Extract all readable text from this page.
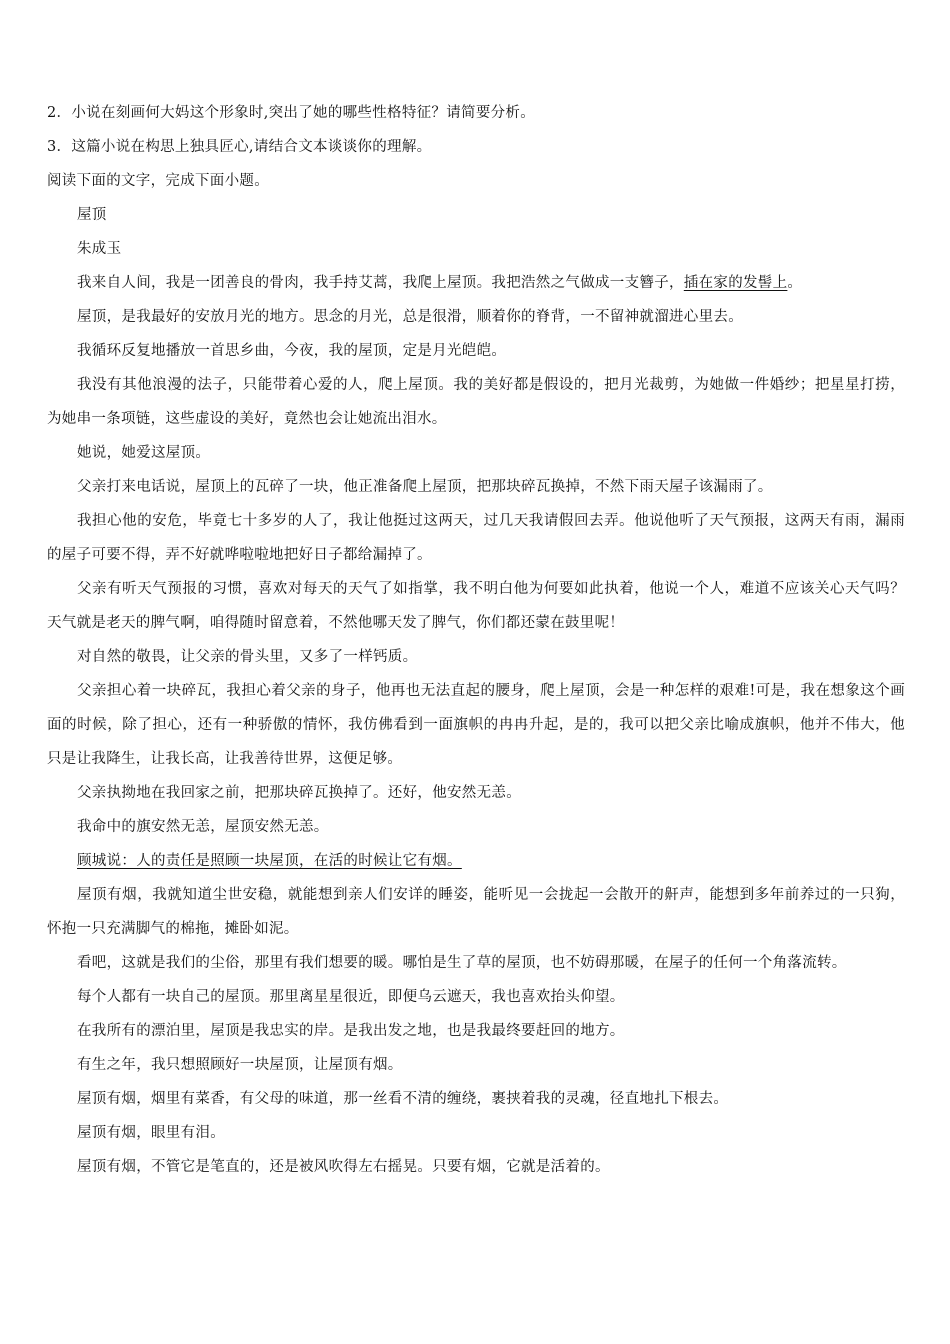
2．小说在刻画何大妈这个形象时,突出了她的哪些性格特征？请简要分析。

3．这篇小说在构思上独具匠心,请结合文本谈谈你的理解。

阅读下面的文字，完成下面小题。

屋顶

朱成玉

我来自人间，我是一团善良的骨肉，我手持艾蒿，我爬上屋顶。我把浩然之气做成一支簪子，插在家的发髻上。

屋顶，是我最好的安放月光的地方。思念的月光，总是很滑，顺着你的脊背，一不留神就溜进心里去。

我循环反复地播放一首思乡曲，今夜，我的屋顶，定是月光皑皑。

我没有其他浪漫的法子，只能带着心爱的人，爬上屋顶。我的美好都是假设的，把月光裁剪，为她做一件婚纱；把星星打捞，为她串一条项链，这些虚设的美好，竟然也会让她流出泪水。

她说，她爱这屋顶。

父亲打来电话说，屋顶上的瓦碎了一块，他正准备爬上屋顶，把那块碎瓦换掉，不然下雨天屋子该漏雨了。

我担心他的安危，毕竟七十多岁的人了，我让他挺过这两天，过几天我请假回去弄。他说他听了天气预报，这两天有雨，漏雨的屋子可要不得，弄不好就哗啦啦地把好日子都给漏掉了。

父亲有听天气预报的习惯，喜欢对每天的天气了如指掌，我不明白他为何要如此执着，他说一个人，难道不应该关心天气吗？天气就是老天的脾气啊，咱得随时留意着，不然他哪天发了脾气，你们都还蒙在鼓里呢！

对自然的敬畏，让父亲的骨头里，又多了一样钙质。

父亲担心着一块碎瓦，我担心着父亲的身子，他再也无法直起的腰身，爬上屋顶，会是一种怎样的艰难!可是，我在想象这个画面的时候，除了担心，还有一种骄傲的情怀，我仿佛看到一面旗帜的冉冉升起，是的，我可以把父亲比喻成旗帜，他并不伟大，他只是让我降生，让我长高，让我善待世界，这便足够。

父亲执拗地在我回家之前，把那块碎瓦换掉了。还好，他安然无恙。

我命中的旗安然无恙，屋顶安然无恙。

顾城说：人的责任是照顾一块屋顶，在活的时候让它有烟。

屋顶有烟，我就知道尘世安稳，就能想到亲人们安详的睡姿，能听见一会拢起一会散开的鼾声，能想到多年前养过的一只狗，怀抱一只充满脚气的棉拖，摊卧如泥。

看吧，这就是我们的尘俗，那里有我们想要的暖。哪怕是生了草的屋顶，也不妨碍那暖，在屋子的任何一个角落流转。

每个人都有一块自己的屋顶。那里离星星很近，即便乌云遮天，我也喜欢抬头仰望。

在我所有的漂泊里，屋顶是我忠实的岸。是我出发之地，也是我最终要赶回的地方。

有生之年，我只想照顾好一块屋顶，让屋顶有烟。

屋顶有烟，烟里有菜香，有父母的味道，那一丝看不清的缠绕，裹挟着我的灵魂，径直地扎下根去。

屋顶有烟，眼里有泪。

屋顶有烟，不管它是笔直的，还是被风吹得左右摇晃。只要有烟，它就是活着的。
